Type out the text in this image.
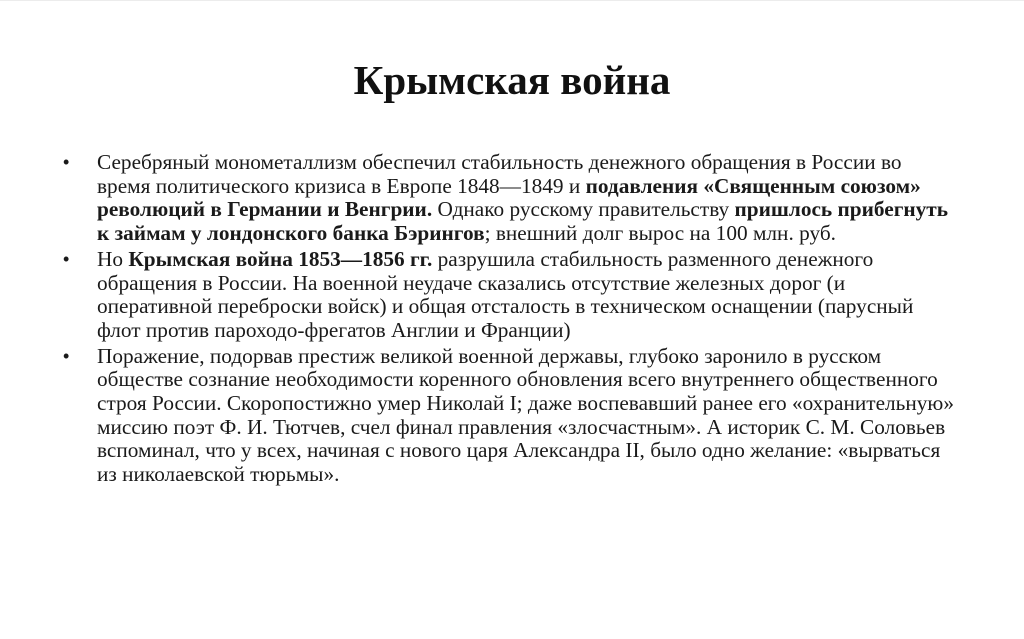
Крымская война
• Серебряный монометаллизм обеспечил стабильность денежного обращения в России во время политического кризиса в Европе 1848—1849 и подавления «Священным союзом» революций в Германии и Венгрии. Однако русскому правительству пришлось прибегнуть к займам у лондонского банка Бэрингов; внешний долг вырос на 100 млн. руб.
• Но Крымская война 1853—1856 гг. разрушила стабильность разменного денежного обращения в России. На военной неудаче сказались отсутствие железных дорог (и оперативной переброски войск) и общая отсталость в техническом оснащении (парусный флот против пароходо-фрегатов Англии и Франции)
• Поражение, подорвав престиж великой военной державы, глубоко заронило в русском обществе сознание необходимости коренного обновления всего внутреннего общественного строя России. Скоропостижно умер Николай I; даже воспевавший ранее его «охранительную» миссию поэт Ф. И. Тютчев, счел финал правления «злосчастным». А историк С. М. Соловьев вспоминал, что у всех, начиная с нового царя Александра II, было одно желание: «вырваться из николаевской тюрьмы».
